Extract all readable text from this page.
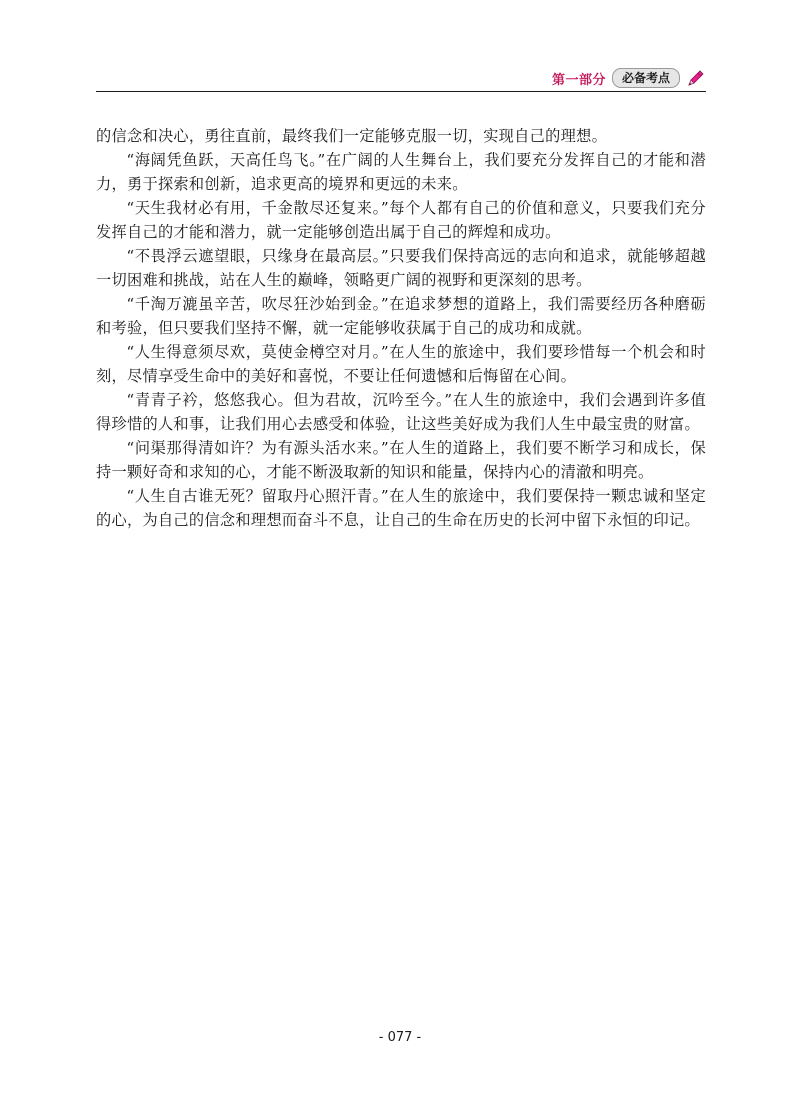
第一部分	必备考点

的信念和决心，勇往直前，最终我们一定能够克服一切，实现自己的理想。

“海阔凭鱼跃，天高任鸟飞。”在广阔的人生舞台上，我们要充分发挥自己的才能和潜力，勇于探索和创新，追求更高的境界和更远的未来。

“天生我材必有用，千金散尽还复来。”每个人都有自己的价值和意义，只要我们充分发挥自己的才能和潜力，就一定能够创造出属于自己的辉煌和成功。

“不畏浮云遮望眼，只缘身在最高层。”只要我们保持高远的志向和追求，就能够超越一切困难和挑战，站在人生的巅峰，领略更广阔的视野和更深刻的思考。

“千淘万漉虽辛苦，吹尽狂沙始到金。”在追求梦想的道路上，我们需要经历各种磨砺和考验，但只要我们坚持不懈，就一定能够收获属于自己的成功和成就。

“人生得意须尽欢，莫使金樽空对月。”在人生的旅途中，我们要珍惜每一个机会和时刻，尽情享受生命中的美好和喜悦，不要让任何遗憾和后悔留在心间。

“青青子衿，悠悠我心。但为君故，沉吟至今。”在人生的旅途中，我们会遇到许多值得珍惜的人和事，让我们用心去感受和体验，让这些美好成为我们人生中最宝贵的财富。

“问渠那得清如许？为有源头活水来。”在人生的道路上，我们要不断学习和成长，保持一颗好奇和求知的心，才能不断汲取新的知识和能量，保持内心的清澈和明亮。

“人生自古谁无死？留取丹心照汗青。”在人生的旅途中，我们要保持一颗忠诚和坚定的心，为自己的信念和理想而奋斗不息，让自己的生命在历史的长河中留下永恒的印记。

- 077 -
